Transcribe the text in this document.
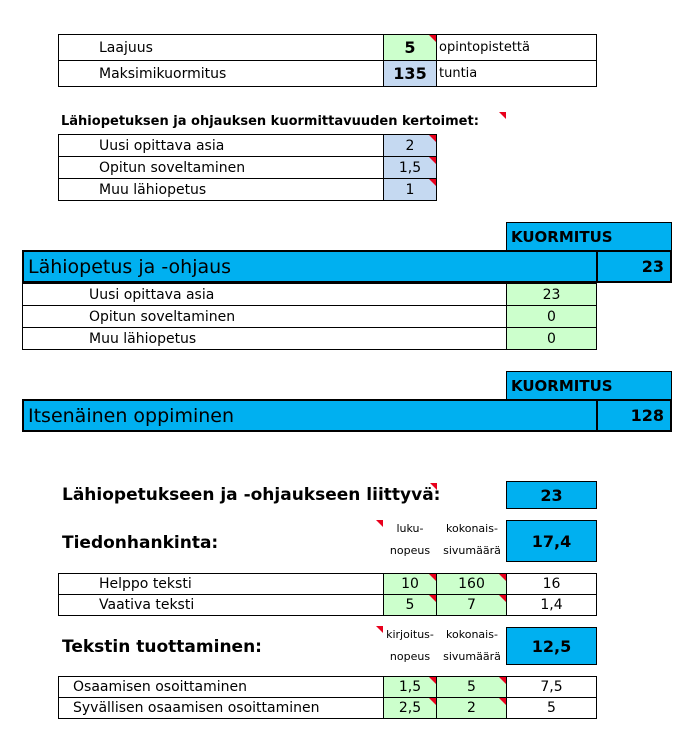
Laajuus	5	opintopistettä
Maksimikuormitus	135 tuntia
Lähiopetuksen ja ohjauksen kuormittavuuden kertoimet:
Uusi opittava asia	2
Opitun soveltaminen	1,5
Muu lähiopetus	1
KUORMITUS
Lähiopetus ja -ohjaus	23
Uusi opittava asia	23
Opitun soveltaminen	0
Muu lähiopetus	0
KUORMITUS
Itsenäinen oppiminen	128
Lähiopetukseen ja -ohjaukseen liittyvä:	23
Tiedonhankinta:
luku-
nopeus
kokonais-
sivumäärä	17,4
Helppo teksti	10	160	16
Vaativa teksti	5	7	1,4
Tekstin tuottaminen:
kirjoitus-
nopeus
kokonais-
sivumäärä
12,5
Osaamisen osoittaminen	1,5	5	7,5
Syvällisen osaamisen osoittaminen	2,5	2	5
